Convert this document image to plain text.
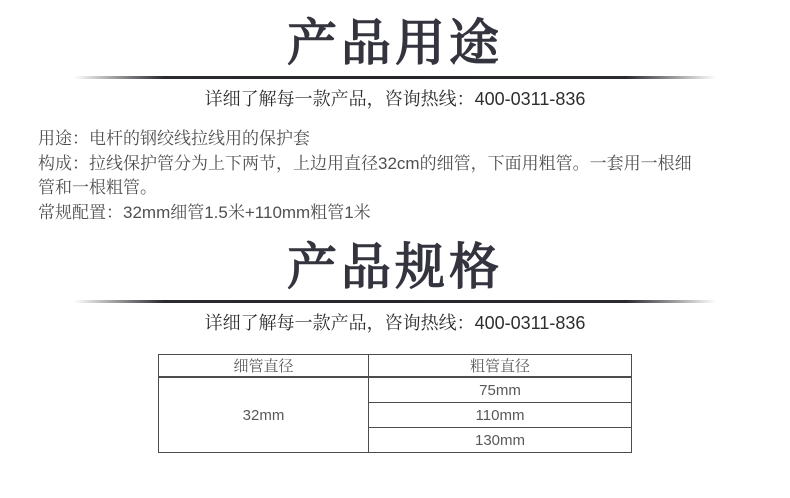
产品用途

详细了解每一款产品，咨询热线：400-0311-836

用途：电杆的钢绞线拉线用的保护套
构成：拉线保护管分为上下两节，上边用直径32cm的细管，下面用粗管。一套用一根细
管和一根粗管。
常规配置：32mm细管1.5米+110mm粗管1米
产品规格

详细了解每一款产品，咨询热线：400-0311-836

细管直径	粗管直径
32mm	75mm
	110mm
	130mm
